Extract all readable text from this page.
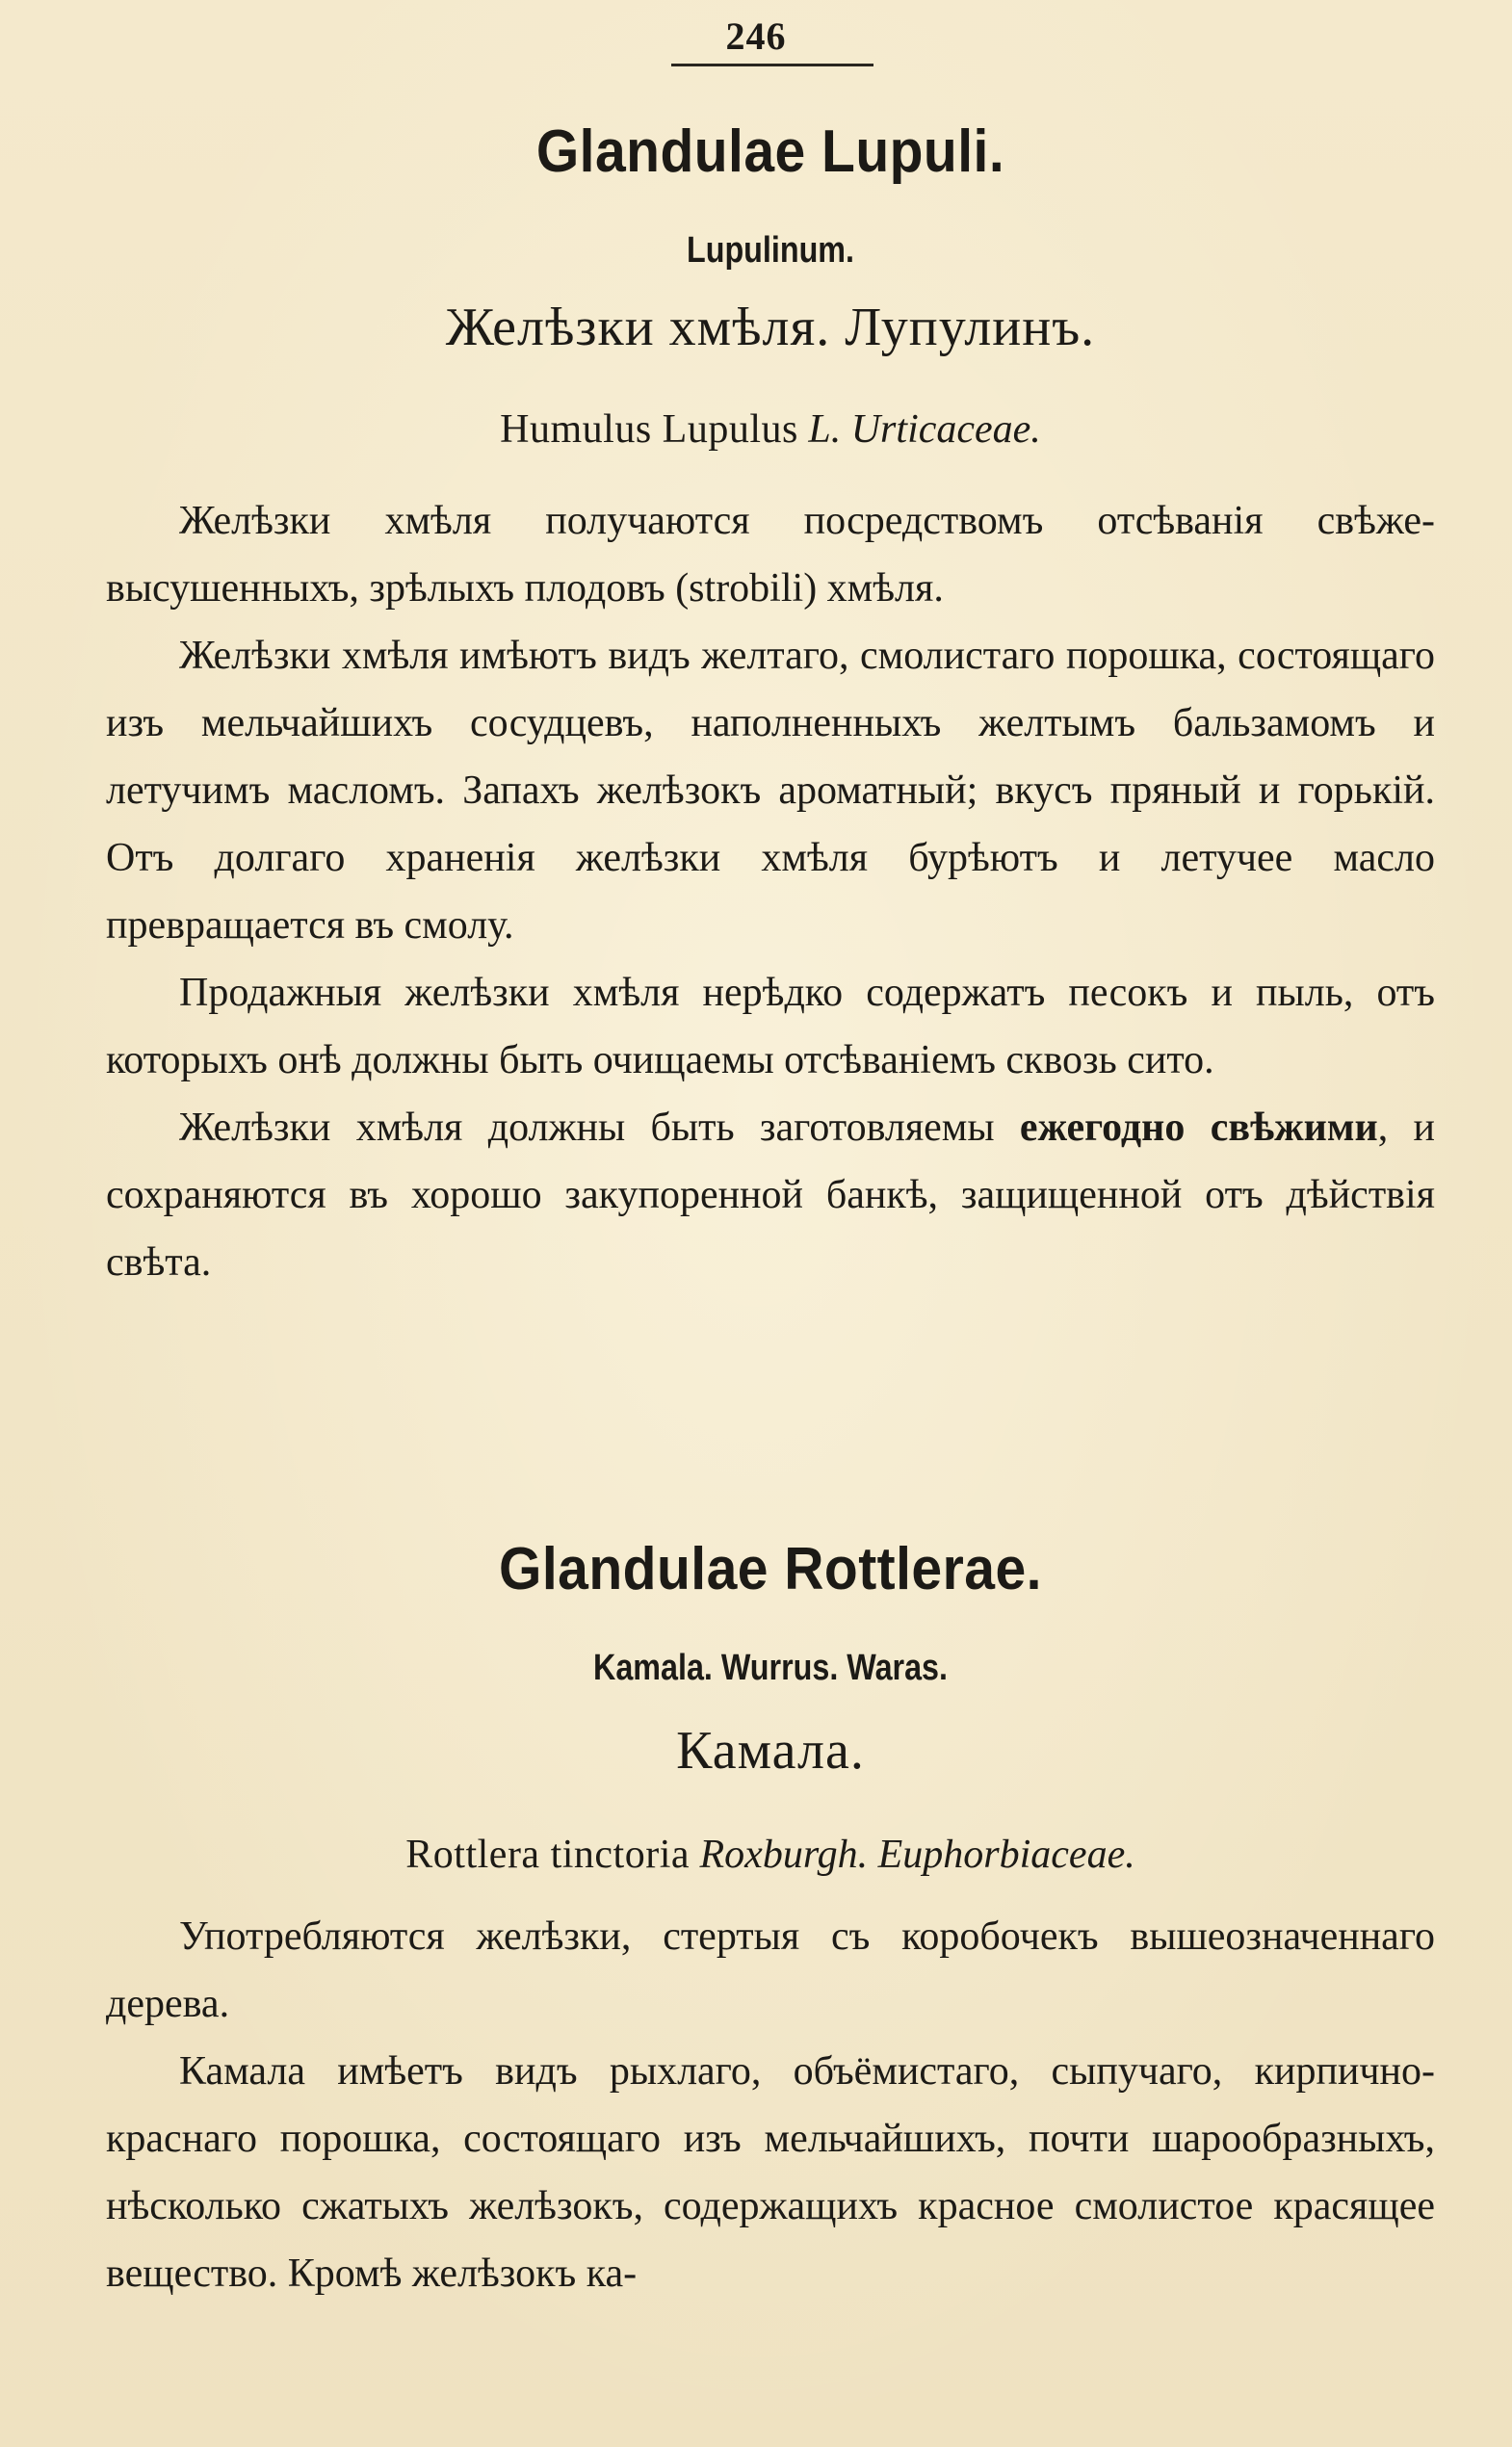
246
Glandulae Lupuli.
Lupulinum.
Желѣзки хмѣля. Лупулинъ.
Humulus Lupulus L. Urticaceae.

Желѣзки хмѣля получаются посредствомъ отсѣванія свѣже-высушенныхъ, зрѣлыхъ плодовъ (strobili) хмѣля.

Желѣзки хмѣля имѣютъ видъ желтаго, смолистаго порошка, состоящаго изъ мельчайшихъ сосудцевъ, наполненныхъ желтымъ бальзамомъ и летучимъ масломъ. Запахъ желѣзокъ ароматный; вкусъ пряный и горькій. Отъ долгаго храненія желѣзки хмѣля бурѣютъ и летучее масло превращается въ смолу.

Продажныя желѣзки хмѣля нерѣдко содержатъ песокъ и пыль, отъ которыхъ онѣ должны быть очищаемы отсѣваніемъ сквозь сито.

Желѣзки хмѣля должны быть заготовляемы ежегодно свѣжими, и сохраняются въ хорошо закупоренной банкѣ, защищенной отъ дѣйствія свѣта.

Glandulae Rottlerae.
Kamala. Wurrus. Waras.
Камала.
Rottlera tinctoria Roxburgh. Euphorbiaceae.

Употребляются желѣзки, стертыя съ коробочекъ вышеозначеннаго дерева.

Камала имѣетъ видъ рыхлаго, объёмистаго, сыпучаго, кирпично-краснаго порошка, состоящаго изъ мельчайшихъ, почти шарообразныхъ, нѣсколько сжатыхъ желѣзокъ, содержащихъ красное смолистое красящее вещество. Кромѣ желѣзокъ ка-
